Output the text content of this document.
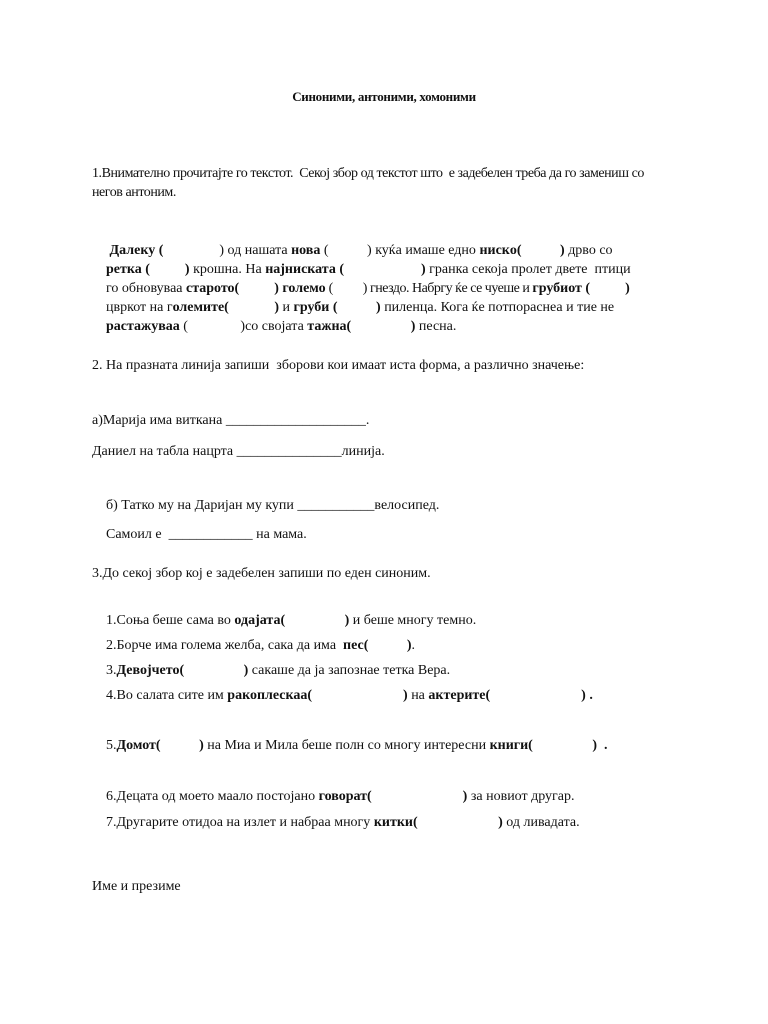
Синоними, антоними, хомоними
1.Внимателно прочитајте го текстот.  Секој збор од текстот што  е задебелен треба да го замениш со
негов антоним.

Далеку (                ) од нашата нова (           ) куќа имаше едно нискo(	) дрво со

ретка (	) крошна. На најниската (	) гранка секоја пролет двете  птици

го обновуваа старото(	) големо (          ) гнездо. Набргу ќе се чуеше и грубиот (	)

цвркот на големите(	) и груби (	) пиленца. Кога ќе потпораснеа и тие не

растажуваа (               )со својата тажна(	) песна.

2. На празната линија запиши  зборови кои имаат иста форма, а различно значење:
а)Марија има виткана ____________________.
Даниел на табла нацрта _______________линија.

б) Татко му на Даријан му купи ___________велосипед.

Самоил е  ____________ на мама.

3.До секој збор кој е задебелен запиши по еден синоним.

1.Соња беше сама во одајата(	) и беше многу темно.

2.Борче има голема желба, сака да има  пес(	).

3.Девојчето(	) сакаше да ја запознае тетка Вера.

4.Во салата сите им ракоплескаа(	) на актерите(	) .

5.Домот(	) на Миа и Мила беше полн со многу интересни книги(	)  .

6.Децата од моето маало постојано говорат(	) за новиот другар.

7.Другарите отидоа на излет и набраа многу китки(	) од ливадата.

Име и презиме
